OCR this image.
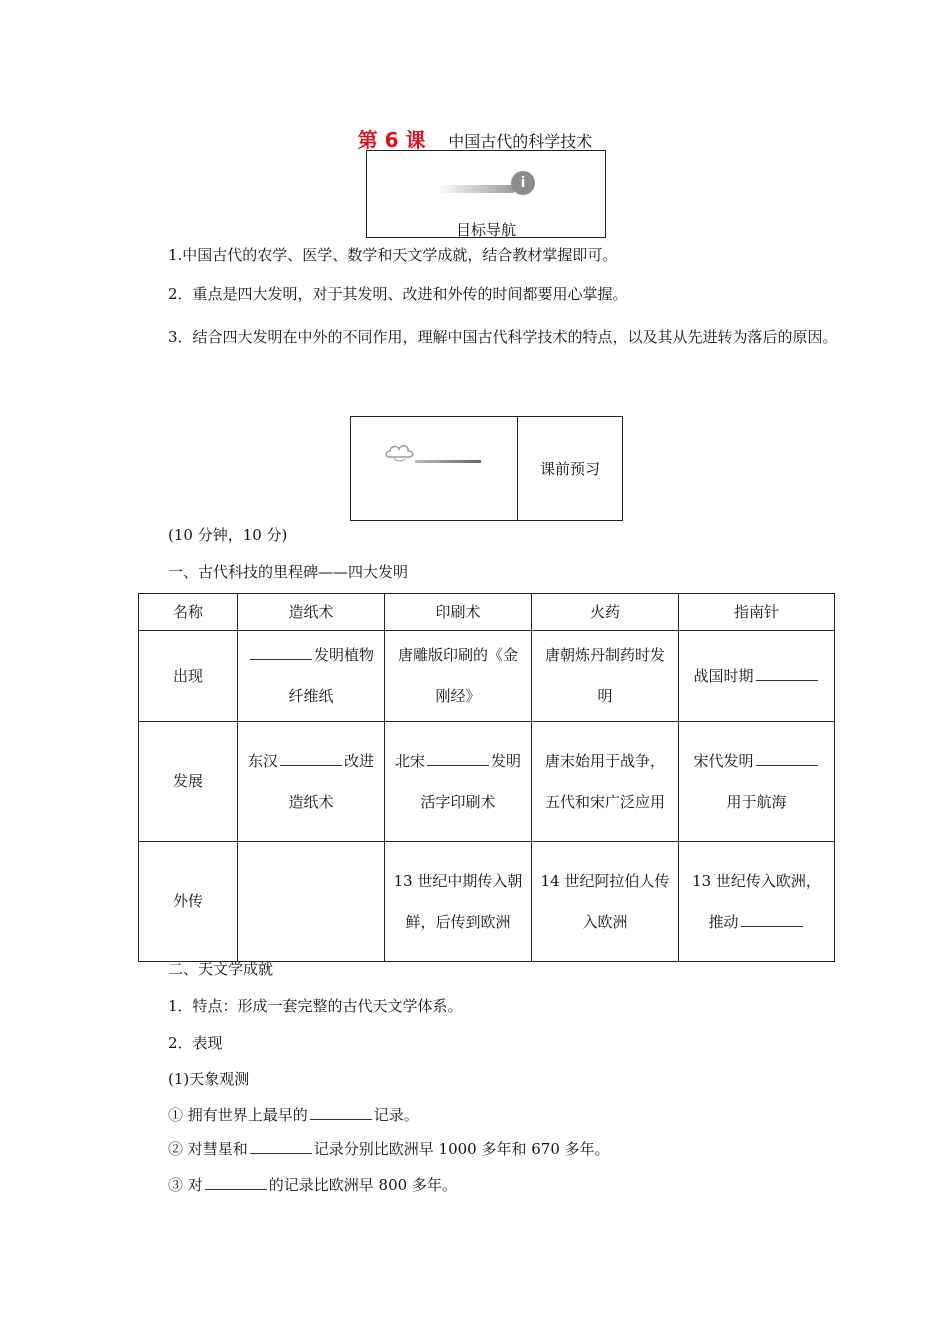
第 6 课 中国古代的科学技术
i
目标导航
1.中国古代的农学、医学、数学和天文学成就，结合教材掌握即可。
2．重点是四大发明，对于其发明、改进和外传的时间都要用心掌握。
3．结合四大发明在中外的不同作用，理解中国古代科学技术的特点，以及其从先进转为落后的原因。
课前预习
(10 分钟，10 分)
一、古代科技的里程碑——四大发明
名称	造纸术	印刷术	火药	指南针
出现	发明植物纤维纸	唐雕版印刷的《金刚经》	唐朝炼丹制药时发明	战国时期
发展	东汉 改进造纸术	北宋 发明活字印刷术	唐末始用于战争，五代和宋广泛应用	宋代发明用于航海
外传		13 世纪中期传入朝鲜，后传到欧洲	14 世纪阿拉伯人传入欧洲	13 世纪传入欧洲，推动
二、天文学成就
1．特点：形成一套完整的古代天文学体系。
2．表现
(1)天象观测
① 拥有世界上最早的	记录。
② 对彗星和	记录分别比欧洲早 1000 多年和 670 多年。
③ 对	的记录比欧洲早 800 多年。
